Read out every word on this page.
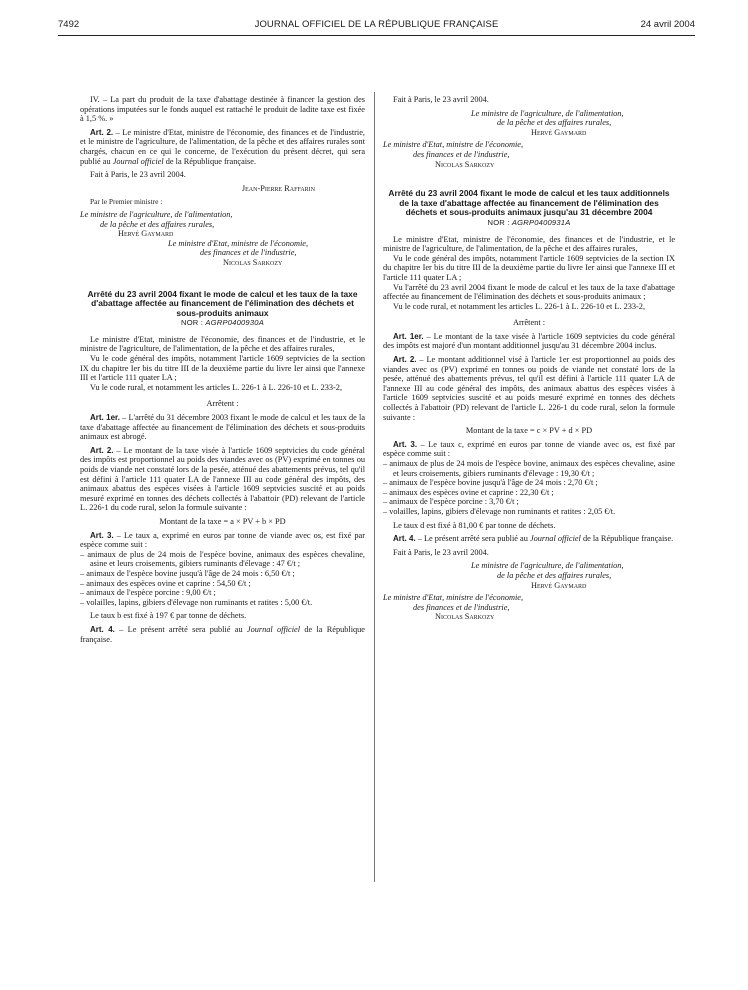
7492	JOURNAL OFFICIEL DE LA RÉPUBLIQUE FRANÇAISE	24 avril 2004

IV. – La part du produit de la taxe d'abattage destinée à financer la gestion des opérations imputées sur le fonds auquel est rattaché le produit de ladite taxe est fixée à 1,5 %. »

Art. 2. – Le ministre d'Etat, ministre de l'économie, des finances et de l'industrie, et le ministre de l'agriculture, de l'alimentation, de la pêche et des affaires rurales sont chargés, chacun en ce qui le concerne, de l'exécution du présent décret, qui sera publié au Journal officiel de la République française.

Fait à Paris, le 23 avril 2004.

Jean-Pierre Raffarin

Par le Premier ministre :

Le ministre de l'agriculture, de l'alimentation,

de la pêche et des affaires rurales,

Hervé Gaymard

Le ministre d'Etat, ministre de l'économie,

des finances et de l'industrie,

Nicolas Sarkozy

Arrêté du 23 avril 2004 fixant le mode de calcul et les taux de la taxe d'abattage affectée au financement de l'élimination des déchets et sous-produits animaux

NOR : AGRP0400930A

Le ministre d'Etat, ministre de l'économie, des finances et de l'industrie, et le ministre de l'agriculture, de l'alimentation, de la pêche et des affaires rurales,

Vu le code général des impôts, notamment l'article 1609 septvicies de la section IX du chapitre Ier bis du titre III de la deuxième partie du livre Ier ainsi que l'annexe III et l'article 111 quater LA ;

Vu le code rural, et notamment les articles L. 226-1 à L. 226-10 et L. 233-2,

Arrêtent :

Art. 1er. – L'arrêté du 31 décembre 2003 fixant le mode de calcul et les taux de la taxe d'abattage affectée au financement de l'élimination des déchets et sous-produits animaux est abrogé.

Art. 2. – Le montant de la taxe visée à l'article 1609 septvicies du code général des impôts est proportionnel au poids des viandes avec os (PV) exprimé en tonnes ou poids de viande net constaté lors de la pesée, atténué des abattements prévus, tel qu'il est défini à l'article 111 quater LA de l'annexe III au code général des impôts, des animaux abattus des espèces visées à l'article 1609 septvicies suscité et au poids mesuré exprimé en tonnes des déchets collectés à l'abattoir (PD) relevant de l'article L. 226-1 du code rural, selon la formule suivante :

Montant de la taxe = a × PV + b × PD

Art. 3. – Le taux a, exprimé en euros par tonne de viande avec os, est fixé par espèce comme suit :

– animaux de plus de 24 mois de l'espèce bovine, animaux des espèces chevaline, asine et leurs croisements, gibiers ruminants d'élevage : 47 €/t ;
– animaux de l'espèce bovine jusqu'à l'âge de 24 mois : 6,50 €/t ;
– animaux des espèces ovine et caprine : 54,50 €/t ;
– animaux de l'espèce porcine : 9,00 €/t ;
– volailles, lapins, gibiers d'élevage non ruminants et ratites : 5,00 €/t.

Le taux b est fixé à 197 € par tonne de déchets.

Art. 4. – Le présent arrêté sera publié au Journal officiel de la République française.

Fait à Paris, le 23 avril 2004.

Le ministre de l'agriculture, de l'alimentation,

de la pêche et des affaires rurales,

Hervé Gaymard

Le ministre d'Etat, ministre de l'économie,

des finances et de l'industrie,

Nicolas Sarkozy

Arrêté du 23 avril 2004 fixant le mode de calcul et les taux additionnels de la taxe d'abattage affectée au financement de l'élimination des déchets et sous-produits animaux jusqu'au 31 décembre 2004

NOR : AGRP0400931A

Le ministre d'Etat, ministre de l'économie, des finances et de l'industrie, et le ministre de l'agriculture, de l'alimentation, de la pêche et des affaires rurales,

Vu le code général des impôts, notamment l'article 1609 septvicies de la section IX du chapitre Ier bis du titre III de la deuxième partie du livre Ier ainsi que l'annexe III et l'article 111 quater LA ;

Vu l'arrêté du 23 avril 2004 fixant le mode de calcul et les taux de la taxe d'abattage affectée au financement de l'élimination des déchets et sous-produits animaux ;

Vu le code rural, et notamment les articles L. 226-1 à L. 226-10 et L. 233-2,

Arrêtent :

Art. 1er. – Le montant de la taxe visée à l'article 1609 septvicies du code général des impôts est majoré d'un montant additionnel jusqu'au 31 décembre 2004 inclus.

Art. 2. – Le montant additionnel visé à l'article 1er est proportionnel au poids des viandes avec os (PV) exprimé en tonnes ou poids de viande net constaté lors de la pesée, atténué des abattements prévus, tel qu'il est défini à l'article 111 quater LA de l'annexe III au code général des impôts, des animaux abattus des espèces visées à l'article 1609 septvicies suscité et au poids mesuré exprimé en tonnes des déchets collectés à l'abattoir (PD) relevant de l'article L. 226-1 du code rural, selon la formule suivante :

Montant de la taxe = c × PV + d × PD

Art. 3. – Le taux c, exprimé en euros par tonne de viande avec os, est fixé par espèce comme suit :

– animaux de plus de 24 mois de l'espèce bovine, animaux des espèces chevaline, asine et leurs croisements, gibiers ruminants d'élevage : 19,30 €/t ;
– animaux de l'espèce bovine jusqu'à l'âge de 24 mois : 2,70 €/t ;
– animaux des espèces ovine et caprine : 22,30 €/t ;
– animaux de l'espèce porcine : 3,70 €/t ;
– volailles, lapins, gibiers d'élevage non ruminants et ratites : 2,05 €/t.

Le taux d est fixé à 81,00 € par tonne de déchets.

Art. 4. – Le présent arrêté sera publié au Journal officiel de la République française.

Fait à Paris, le 23 avril 2004.

Le ministre de l'agriculture, de l'alimentation,

de la pêche et des affaires rurales,

Hervé Gaymard

Le ministre d'Etat, ministre de l'économie,

des finances et de l'industrie,

Nicolas Sarkozy
